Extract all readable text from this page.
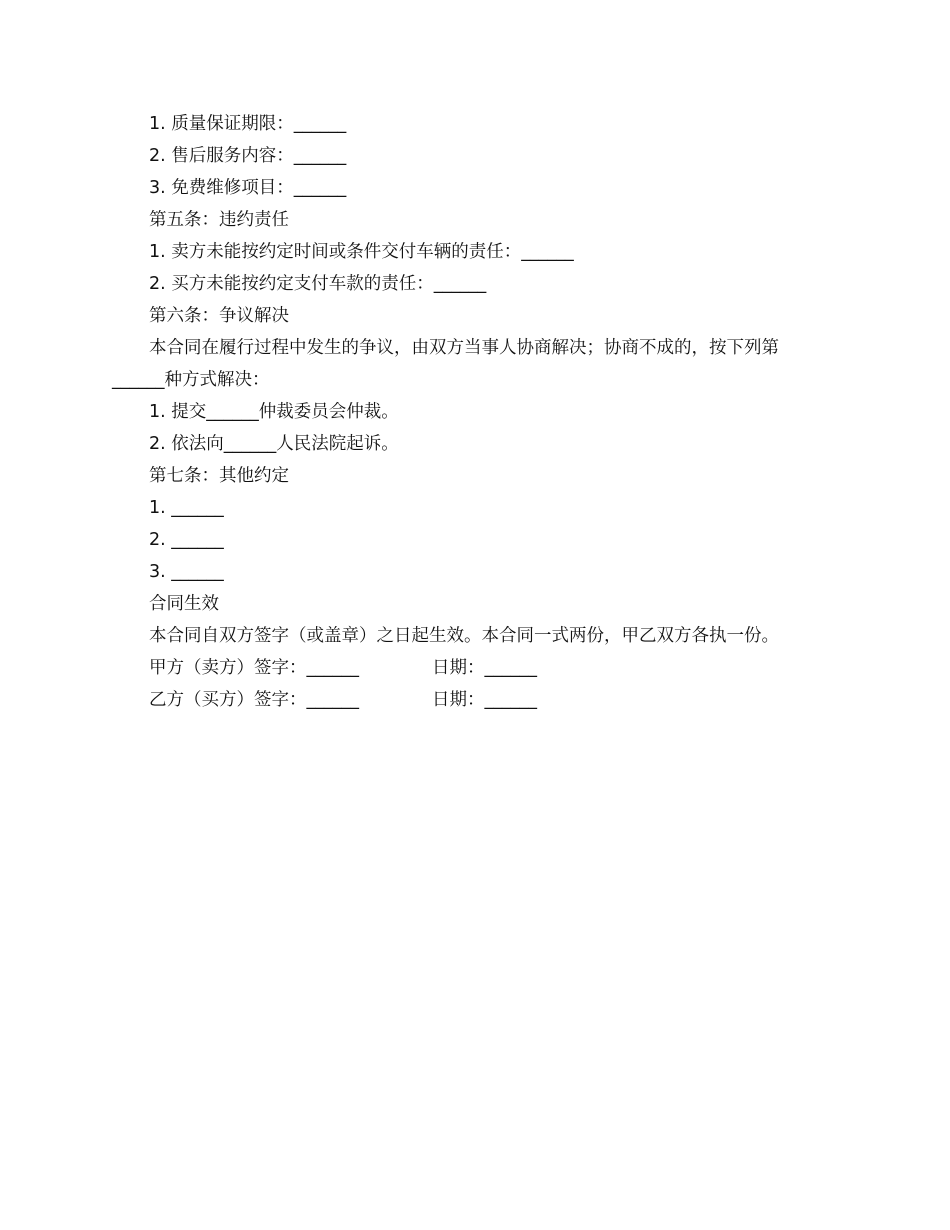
1. 质量保证期限：______
2. 售后服务内容：______
3. 免费维修项目：______
第五条：违约责任
1. 卖方未能按约定时间或条件交付车辆的责任：______
2. 买方未能按约定支付车款的责任：______
第六条：争议解决
本合同在履行过程中发生的争议，由双方当事人协商解决；协商不成的，按下列第
______种方式解决：
1. 提交______仲裁委员会仲裁。
2. 依法向______人民法院起诉。
第七条：其他约定
1. ______
2. ______
3. ______
合同生效
本合同自双方签字（或盖章）之日起生效。本合同一式两份，甲乙双方各执一份。
甲方（卖方）签字：______	日期：______
乙方（买方）签字：______	日期：______
